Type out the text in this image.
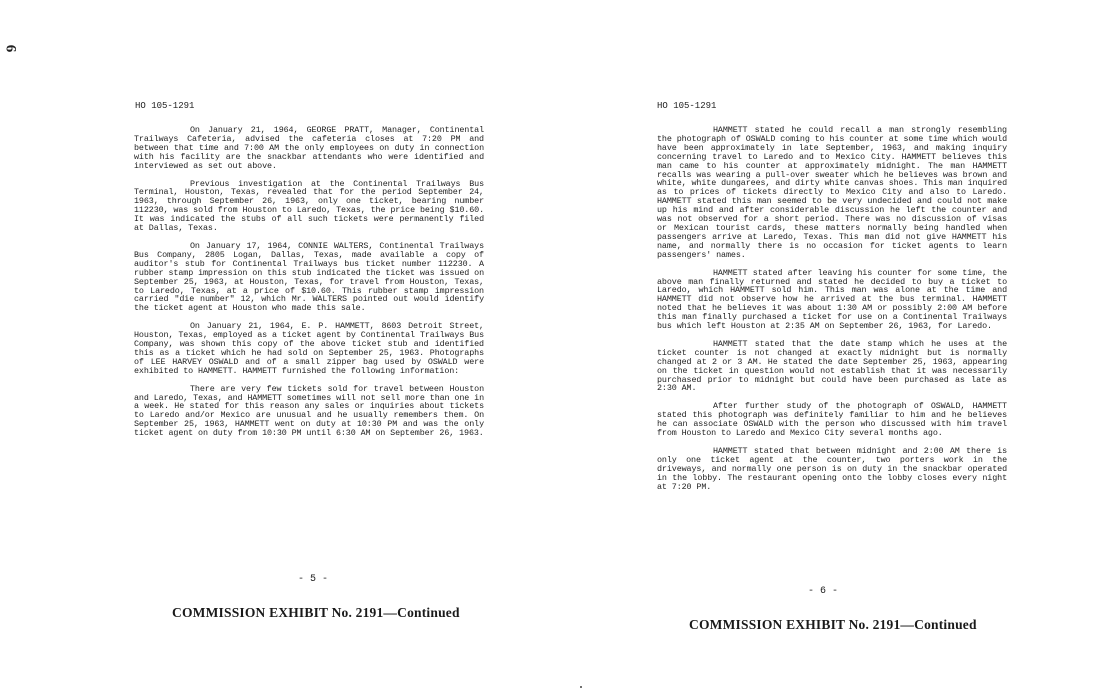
6
HO 105-1291

On January 21, 1964, GEORGE PRATT, Manager, Continental Trailways Cafeteria, advised the cafeteria closes at 7:20 PM and between that time and 7:00 AM the only employees on duty in connection with his facility are the snackbar attendants who were identified and interviewed as set out above.

Previous investigation at the Continental Trailways Bus Terminal, Houston, Texas, revealed that for the period September 24, 1963, through September 26, 1963, only one ticket, bearing number 112230, was sold from Houston to Laredo, Texas, the price being $10.60. It was indicated the stubs of all such tickets were permanently filed at Dallas, Texas.

On January 17, 1964, CONNIE WALTERS, Continental Trailways Bus Company, 2805 Logan, Dallas, Texas, made available a copy of auditor's stub for Continental Trailways bus ticket number 112230. A rubber stamp impression on this stub indicated the ticket was issued on September 25, 1963, at Houston, Texas, for travel from Houston, Texas, to Laredo, Texas, at a price of $10.60. This rubber stamp impression carried "die number" 12, which Mr. WALTERS pointed out would identify the ticket agent at Houston who made this sale.

On January 21, 1964, E. P. HAMMETT, 8603 Detroit Street, Houston, Texas, employed as a ticket agent by Continental Trailways Bus Company, was shown this copy of the above ticket stub and identified this as a ticket which he had sold on September 25, 1963. Photographs of LEE HARVEY OSWALD and of a small zipper bag used by OSWALD were exhibited to HAMMETT. HAMMETT furnished the following information:

There are very few tickets sold for travel between Houston and Laredo, Texas, and HAMMETT sometimes will not sell more than one in a week. He stated for this reason any sales or inquiries about tickets to Laredo and/or Mexico are unusual and he usually remembers them. On September 25, 1963, HAMMETT went on duty at 10:30 PM and was the only ticket agent on duty from 10:30 PM until 6:30 AM on September 26, 1963.

- 5 -
COMMISSION EXHIBIT No. 2191—Continued
HO 105-1291

HAMMETT stated he could recall a man strongly resembling the photograph of OSWALD coming to his counter at some time which would have been approximately in late September, 1963, and making inquiry concerning travel to Laredo and to Mexico City. HAMMETT believes this man came to his counter at approximately midnight. The man HAMMETT recalls was wearing a pull-over sweater which he believes was brown and white, white dungarees, and dirty white canvas shoes. This man inquired as to prices of tickets directly to Mexico City and also to Laredo. HAMMETT stated this man seemed to be very undecided and could not make up his mind and after considerable discussion he left the counter and was not observed for a short period. There was no discussion of visas or Mexican tourist cards, these matters normally being handled when passengers arrive at Laredo, Texas. This man did not give HAMMETT his name, and normally there is no occasion for ticket agents to learn passengers' names.

HAMMETT stated after leaving his counter for some time, the above man finally returned and stated he decided to buy a ticket to Laredo, which HAMMETT sold him. This man was alone at the time and HAMMETT did not observe how he arrived at the bus terminal. HAMMETT noted that he believes it was about 1:30 AM or possibly 2:00 AM before this man finally purchased a ticket for use on a Continental Trailways bus which left Houston at 2:35 AM on September 26, 1963, for Laredo.

HAMMETT stated that the date stamp which he uses at the ticket counter is not changed at exactly midnight but is normally changed at 2 or 3 AM. He stated the date September 25, 1963, appearing on the ticket in question would not establish that it was necessarily purchased prior to midnight but could have been purchased as late as 2:30 AM.

After further study of the photograph of OSWALD, HAMMETT stated this photograph was definitely familiar to him and he believes he can associate OSWALD with the person who discussed with him travel from Houston to Laredo and Mexico City several months ago.

HAMMETT stated that between midnight and 2:00 AM there is only one ticket agent at the counter, two porters work in the driveways, and normally one person is on duty in the snackbar operated in the lobby. The restaurant opening onto the lobby closes every night at 7:20 PM.

- 6 -
COMMISSION EXHIBIT No. 2191—Continued
